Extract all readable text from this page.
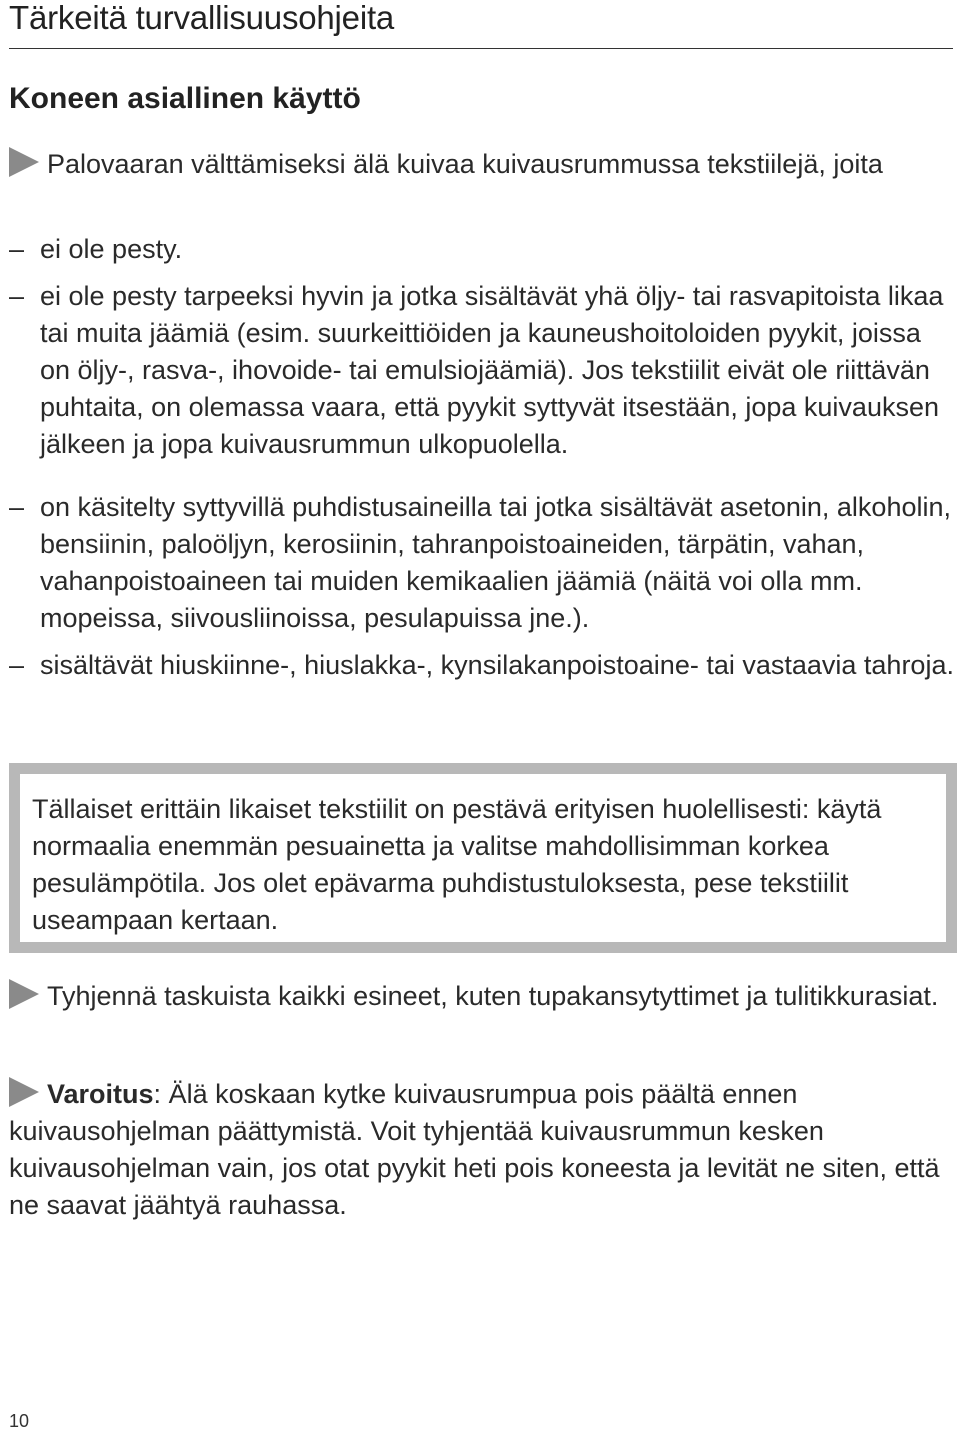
Tärkeitä turvallisuusohjeita
Koneen asiallinen käyttö

Palovaaran välttämiseksi älä kuivaa kuivausrummussa tekstiilejä, joita

– ei ole pesty.
– ei ole pesty tarpeeksi hyvin ja jotka sisältävät yhä öljy- tai rasvapitoista likaa tai muita jäämiä (esim. suurkeittiöiden ja kauneushoitoloiden pyykit, joissa on öljy-, rasva-, ihovoide- tai emulsiojäämiä). Jos tekstiilit eivät ole riittävän puhtaita, on olemassa vaara, että pyykit syttyvät itsestään, jopa kuivauksen jälkeen ja jopa kuivausrummun ulkopuolella.
– on käsitelty syttyvillä puhdistusaineilla tai jotka sisältävät asetonin, alkoholin, bensiinin, paloöljyn, kerosiinin, tahranpoistoaineiden, tärpätin, vahan, vahanpoistoaineen tai muiden kemikaalien jäämiä (näitä voi olla mm. mopeissa, siivousliinoissa, pesulapuissa jne.).
– sisältävät hiuskiinne-, hiuslakka-, kynsilakanpoistoaine- tai vastaavia tahroja.

Tällaiset erittäin likaiset tekstiilit on pestävä erityisen huolellisesti: käytä normaalia enemmän pesuainetta ja valitse mahdollisimman korkea pesulämpötila. Jos olet epävarma puhdistustuloksesta, pese tekstiilit useampaan kertaan.

Tyhjennä taskuista kaikki esineet, kuten tupakansytyttimet ja tulitikkurasiat.

Varoitus: Älä koskaan kytke kuivausrumpua pois päältä ennen kuivausohjelman päättymistä. Voit tyhjentää kuivausrummun kesken kuivausohjelman vain, jos otat pyykit heti pois koneesta ja levität ne siten, että ne saavat jäähtyä rauhassa.

10
